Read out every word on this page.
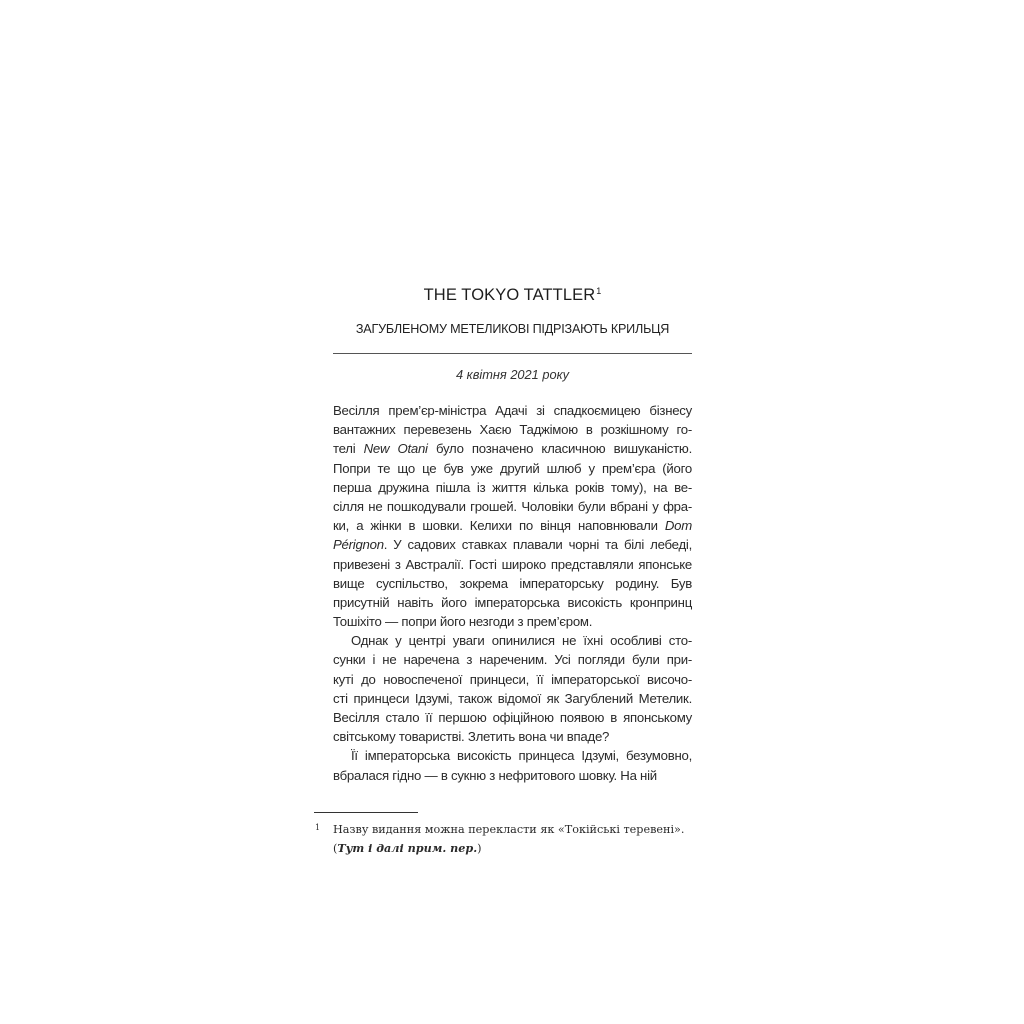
THE TOKYO TATTLER$^1$
ЗАГУБЛЕНОМУ МЕТЕЛИКОВІ ПІДРІЗАЮТЬ КРИЛЬЦЯ
4 квітня 2021 року
Весілля прем’єр-міністра Адачі зі спадкоємицею бізнесу
вантажних перевезень Хаєю Таджімою в розкішному го-
телі New Otani було позначено класичною вишуканістю.
Попри те що це був уже другий шлюб у прем’єра (його
перша дружина пішла із життя кілька років тому), на ве-
сілля не пошкодували грошей. Чоловіки були вбрані у фра-
ки, а жінки в шовки. Келихи по вінця наповнювали Dom
Pérignon. У садових ставках плавали чорні та білі лебеді,
привезені з Австралії. Гості широко представляли японське
вище суспільство, зокрема імператорську родину. Був
присутній навіть його імператорська високість кронпринц
Тошіхіто — попри його незгоди з прем’єром.
Однак у центрі уваги опинилися не їхні особливі сто-
сунки і не наречена з нареченим. Усі погляди були при-
куті до новоспеченої принцеси, її імператорської височо-
сті принцеси Ідзумі, також відомої як Загублений Метелик.
Весілля стало її першою офіційною появою в японському
світському товаристві. Злетить вона чи впаде?
Її імператорська високість принцеса Ідзумі, безумовно,
вбралася гідно — в сукню з нефритового шовку. На ній
1 Назву видання можна перекласти як «Токійські теревені». (Тут і далі прим. пер.)
